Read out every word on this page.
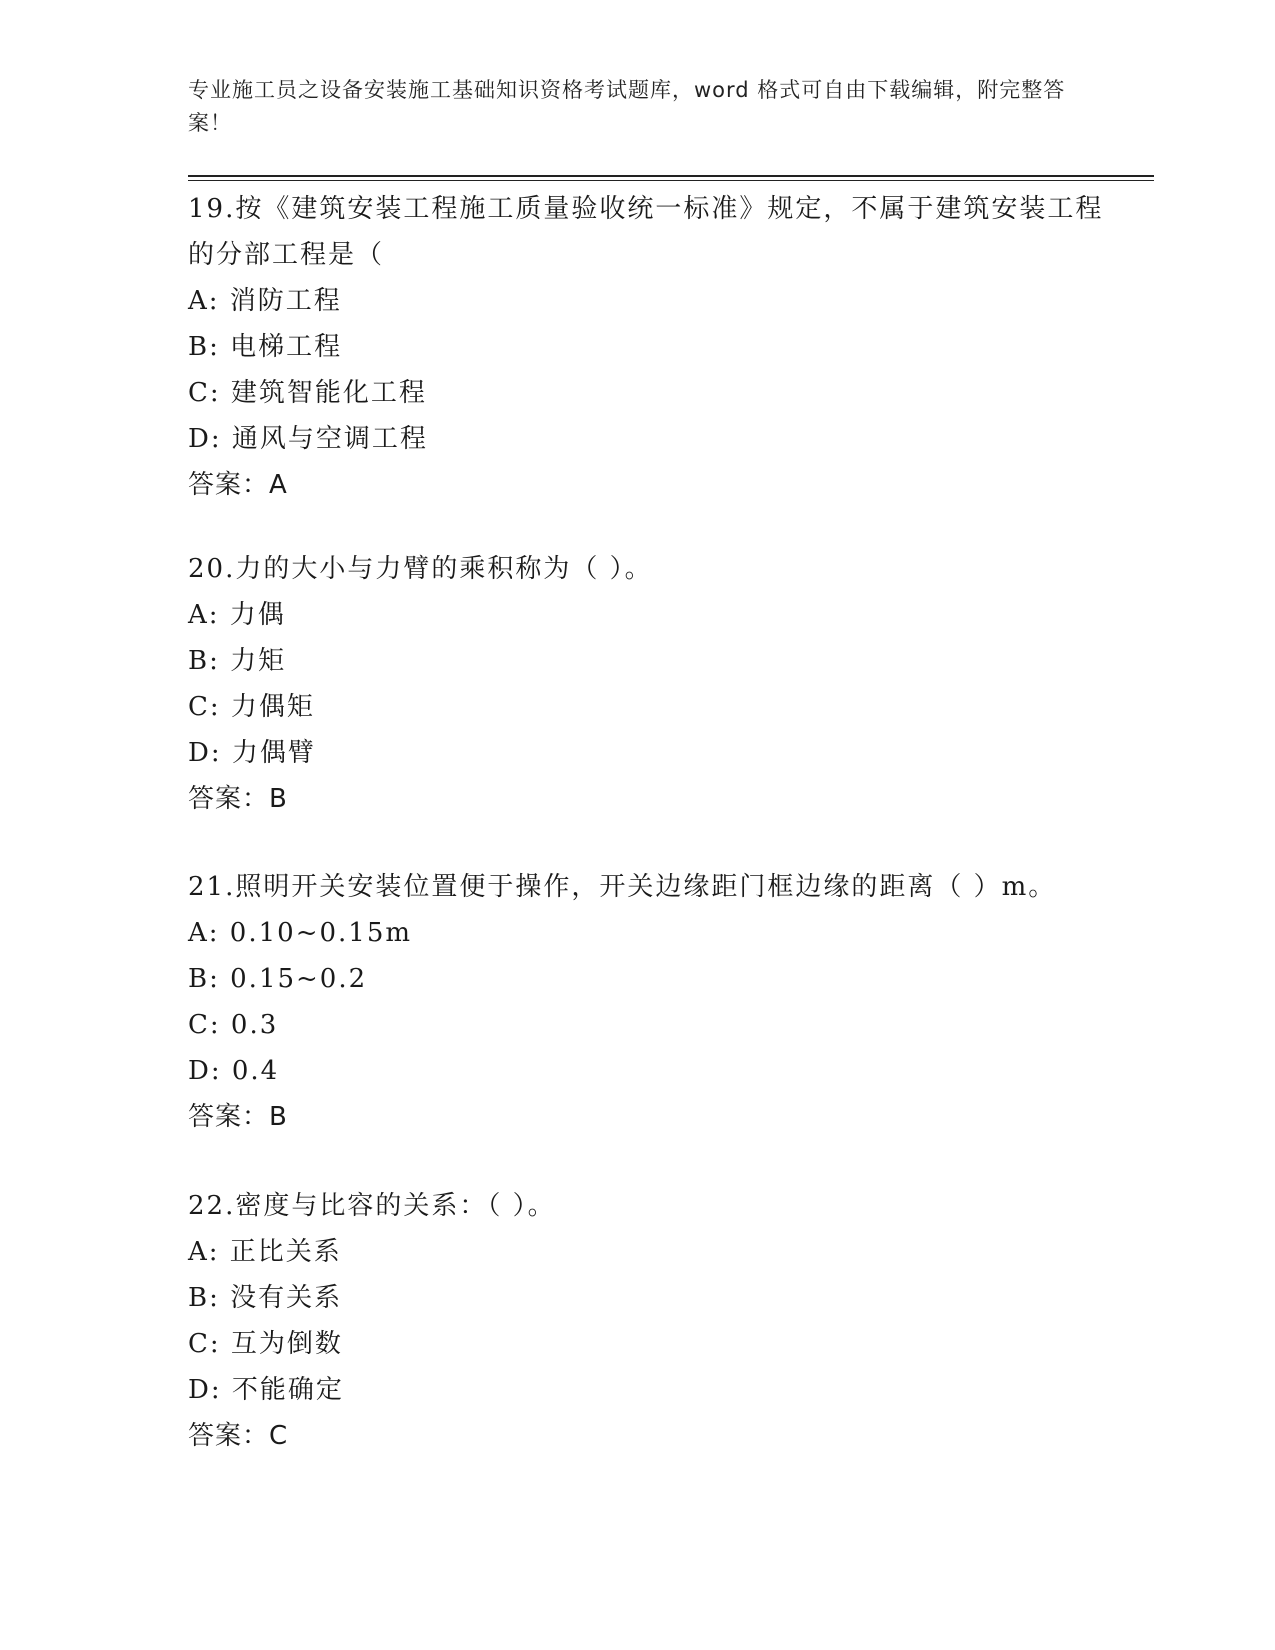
专业施工员之设备安装施工基础知识资格考试题库，word 格式可自由下载编辑，附完整答案！

19.按《建筑安装工程施工质量验收统一标准》规定，不属于建筑安装工程的分部工程是（

A: 消防工程

B: 电梯工程

C: 建筑智能化工程

D: 通风与空调工程

答案：A

20.力的大小与力臂的乘积称为（ ）。

A: 力偶

B: 力矩

C: 力偶矩

D: 力偶臂

答案：B

21.照明开关安装位置便于操作，开关边缘距门框边缘的距离（ ）m。

A: 0.10~0.15m

B: 0.15~0.2

C: 0.3

D: 0.4

答案：B

22.密度与比容的关系：（ ）。

A: 正比关系

B: 没有关系

C: 互为倒数

D: 不能确定

答案：C
